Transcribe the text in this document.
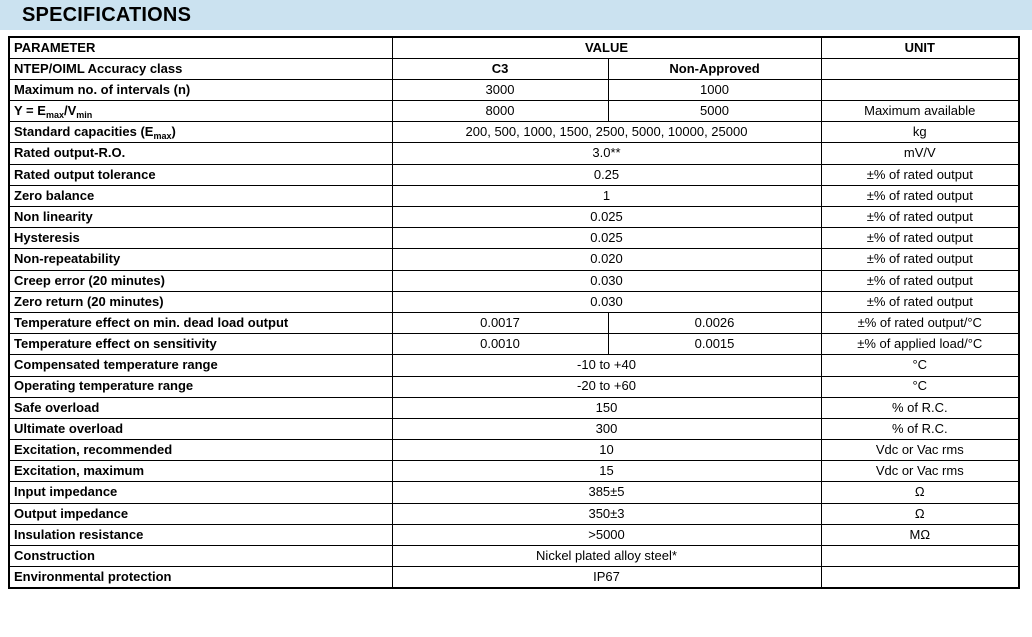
SPECIFICATIONS
PARAMETER	VALUE		UNIT
NTEP/OIML Accuracy class	C3	Non-Approved	
Maximum no. of intervals (n)	3000	1000	
$Y = E_{max}/V_{min}$	8000	5000	Maximum available
Standard capacities $(E_{max})$	200, 500, 1000, 1500, 2500, 5000, 10000, 25000		kg
Rated output-R.O.	3.0**		mV/V
Rated output tolerance	0.25		±% of rated output
Zero balance	1		±% of rated output
Non linearity	0.025		±% of rated output
Hysteresis	0.025		±% of rated output
Non-repeatability	0.020		±% of rated output
Creep error (20 minutes)	0.030		±% of rated output
Zero return (20 minutes)	0.030		±% of rated output
Temperature effect on min. dead load output	0.0017	0.0026	±% of rated output/°C
Temperature effect on sensitivity	0.0010	0.0015	±% of applied load/°C
Compensated temperature range	-10 to +40		°C
Operating temperature range	-20 to +60		°C
Safe overload	150		% of R.C.
Ultimate overload	300		% of R.C.
Excitation, recommended	10		Vdc or Vac rms
Excitation, maximum	15		Vdc or Vac rms
Input impedance	385±5		Ω
Output impedance	350±3		Ω
Insulation resistance	>5000		MΩ
Construction	Nickel plated alloy steel*		
Environmental protection	IP67		
